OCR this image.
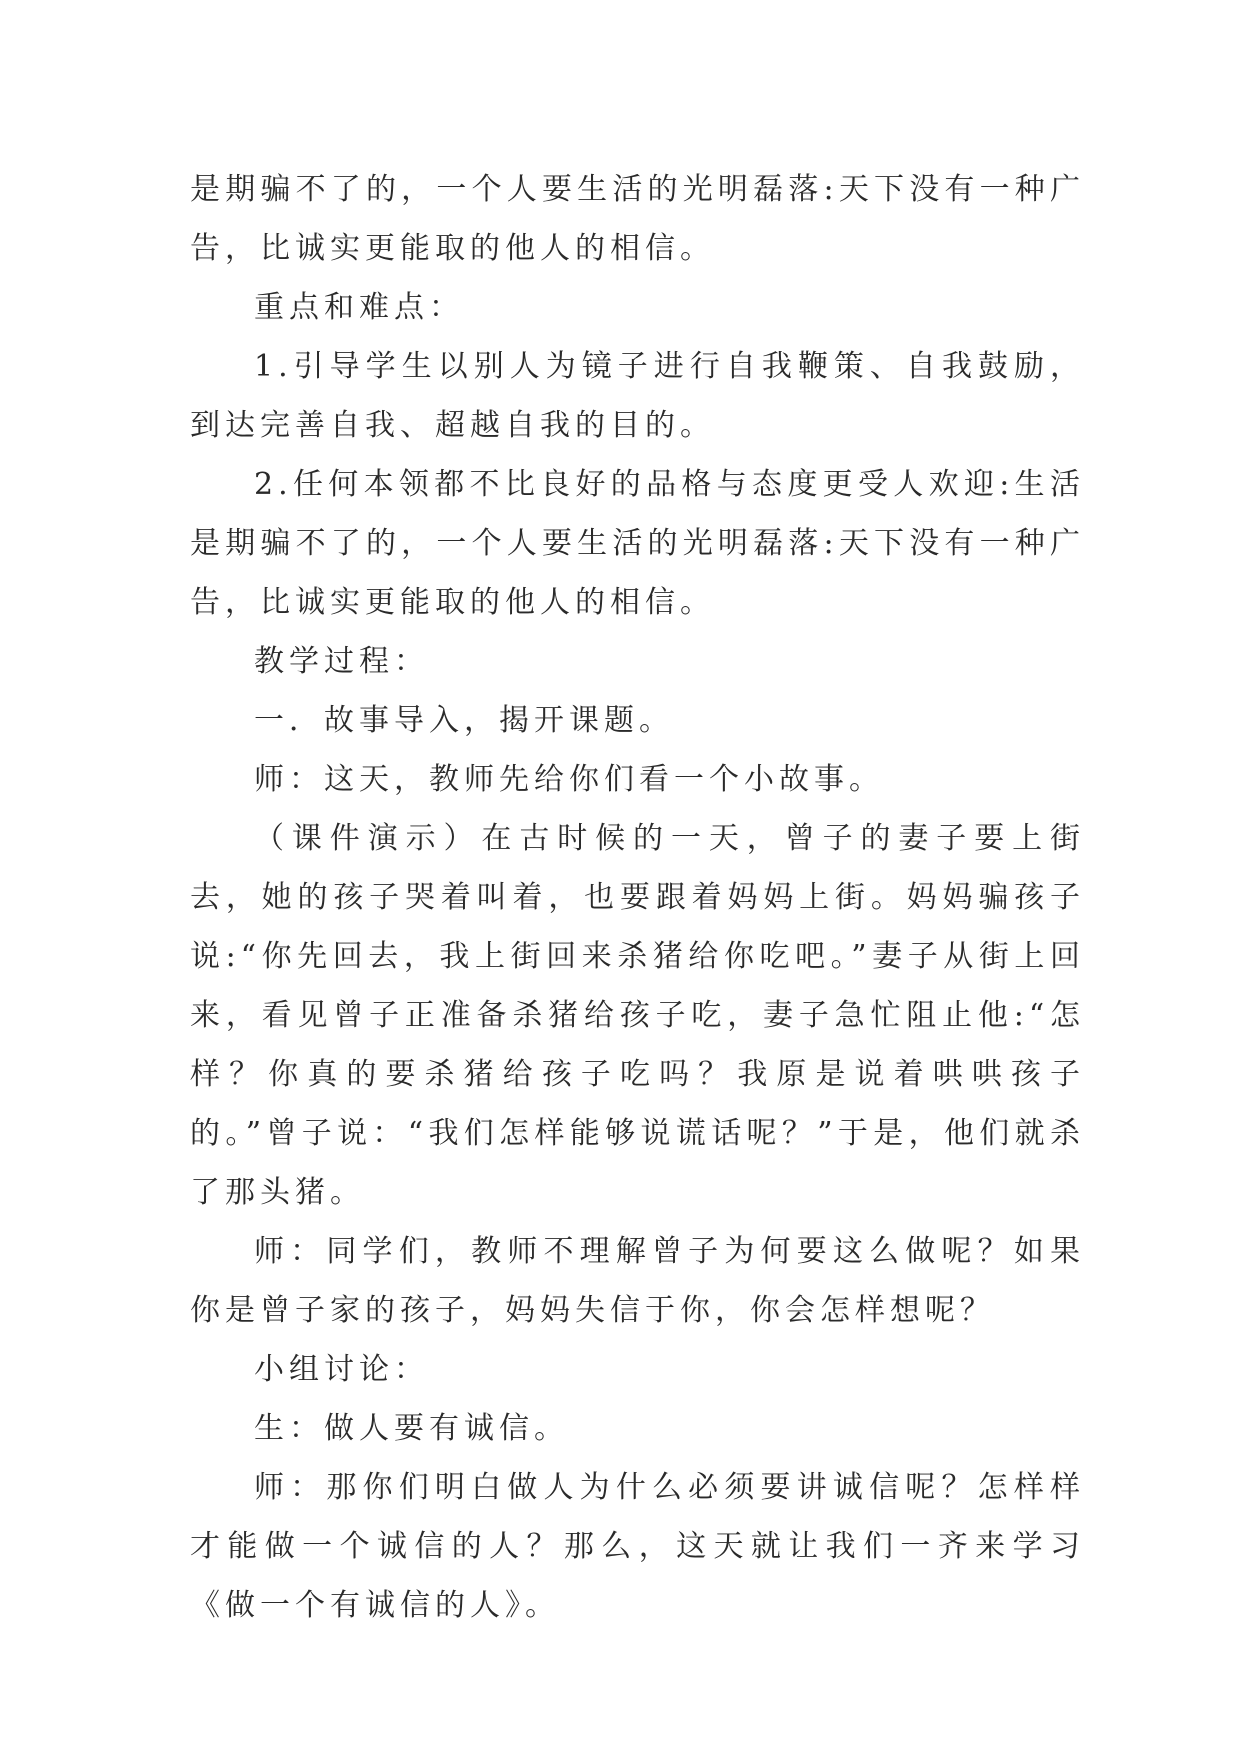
是期骗不了的，一个人要生活的光明磊落:天下没有一种广告，比诚实更能取的他人的相信。

重点和难点：

1.引导学生以别人为镜子进行自我鞭策、自我鼓励，到达完善自我、超越自我的目的。

2.任何本领都不比良好的品格与态度更受人欢迎:生活是期骗不了的，一个人要生活的光明磊落:天下没有一种广告，比诚实更能取的他人的相信。

教学过程：

一．故事导入，揭开课题。

师：这天，教师先给你们看一个小故事。

（课件演示）在古时候的一天，曾子的妻子要上街去，她的孩子哭着叫着，也要跟着妈妈上街。妈妈骗孩子说:“你先回去，我上街回来杀猪给你吃吧。”妻子从街上回来，看见曾子正准备杀猪给孩子吃，妻子急忙阻止他:“怎样？你真的要杀猪给孩子吃吗？我原是说着哄哄孩子的。”曾子说：“我们怎样能够说谎话呢？”于是，他们就杀了那头猪。

师：同学们，教师不理解曾子为何要这么做呢？如果你是曾子家的孩子，妈妈失信于你，你会怎样想呢？

小组讨论：

生：做人要有诚信。

师：那你们明白做人为什么必须要讲诚信呢？怎样样才能做一个诚信的人？那么，这天就让我们一齐来学习《做一个有诚信的人》。
